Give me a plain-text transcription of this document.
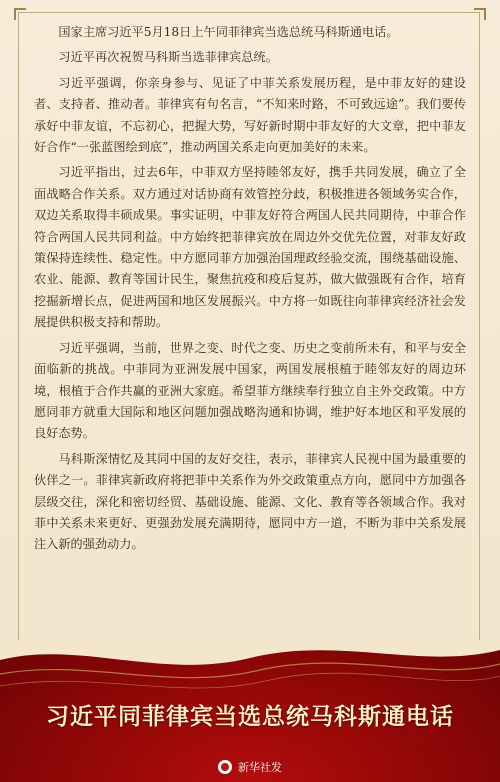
国家主席习近平5月18日上午同菲律宾当选总统马科斯通电话。

习近平再次祝贺马科斯当选菲律宾总统。

习近平强调，你亲身参与、见证了中菲关系发展历程，是中菲友好的建设者、支持者、推动者。菲律宾有句名言，“不知来时路，不可致远途”。我们要传承好中菲友谊，不忘初心，把握大势，写好新时期中菲友好的大文章，把中菲友好合作“一张蓝图绘到底”，推动两国关系走向更加美好的未来。

习近平指出，过去6年，中菲双方坚持睦邻友好，携手共同发展，确立了全面战略合作关系。双方通过对话协商有效管控分歧，积极推进各领域务实合作，双边关系取得丰硕成果。事实证明，中菲友好符合两国人民共同期待，中菲合作符合两国人民共同利益。中方始终把菲律宾放在周边外交优先位置，对菲友好政策保持连续性、稳定性。中方愿同菲方加强治国理政经验交流，围绕基础设施、农业、能源、教育等国计民生，聚焦抗疫和疫后复苏，做大做强既有合作，培育挖掘新增长点，促进两国和地区发展振兴。中方将一如既往向菲律宾经济社会发展提供积极支持和帮助。

习近平强调，当前，世界之变、时代之变、历史之变前所未有，和平与安全面临新的挑战。中菲同为亚洲发展中国家，两国发展根植于睦邻友好的周边环境，根植于合作共赢的亚洲大家庭。希望菲方继续奉行独立自主外交政策。中方愿同菲方就重大国际和地区问题加强战略沟通和协调，维护好本地区和平发展的良好态势。

马科斯深情忆及其同中国的友好交往，表示，菲律宾人民视中国为最重要的伙伴之一。菲律宾新政府将把菲中关系作为外交政策重点方向，愿同中方加强各层级交往，深化和密切经贸、基础设施、能源、文化、教育等各领域合作。我对菲中关系未来更好、更强劲发展充满期待，愿同中方一道，不断为菲中关系发展注入新的强劲动力。

习近平同菲律宾当选总统马科斯通电话
新华社发
